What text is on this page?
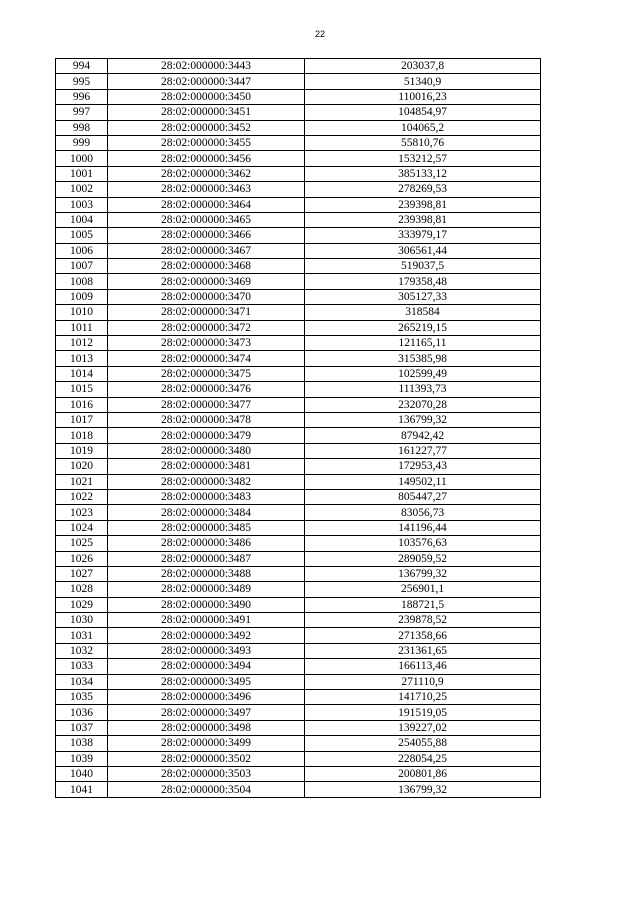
22
994	28:02:000000:3443	203037,8
995	28:02:000000:3447	51340,9
996	28:02:000000:3450	110016,23
997	28:02:000000:3451	104854,97
998	28:02:000000:3452	104065,2
999	28:02:000000:3455	55810,76
1000	28:02:000000:3456	153212,57
1001	28:02:000000:3462	385133,12
1002	28:02:000000:3463	278269,53
1003	28:02:000000:3464	239398,81
1004	28:02:000000:3465	239398,81
1005	28:02:000000:3466	333979,17
1006	28:02:000000:3467	306561,44
1007	28:02:000000:3468	519037,5
1008	28:02:000000:3469	179358,48
1009	28:02:000000:3470	305127,33
1010	28:02:000000:3471	318584
1011	28:02:000000:3472	265219,15
1012	28:02:000000:3473	121165,11
1013	28:02:000000:3474	315385,98
1014	28:02:000000:3475	102599,49
1015	28:02:000000:3476	111393,73
1016	28:02:000000:3477	232070,28
1017	28:02:000000:3478	136799,32
1018	28:02:000000:3479	87942,42
1019	28:02:000000:3480	161227,77
1020	28:02:000000:3481	172953,43
1021	28:02:000000:3482	149502,11
1022	28:02:000000:3483	805447,27
1023	28:02:000000:3484	83056,73
1024	28:02:000000:3485	141196,44
1025	28:02:000000:3486	103576,63
1026	28:02:000000:3487	289059,52
1027	28:02:000000:3488	136799,32
1028	28:02:000000:3489	256901,1
1029	28:02:000000:3490	188721,5
1030	28:02:000000:3491	239878,52
1031	28:02:000000:3492	271358,66
1032	28:02:000000:3493	231361,65
1033	28:02:000000:3494	166113,46
1034	28:02:000000:3495	271110,9
1035	28:02:000000:3496	141710,25
1036	28:02:000000:3497	191519,05
1037	28:02:000000:3498	139227,02
1038	28:02:000000:3499	254055,88
1039	28:02:000000:3502	228054,25
1040	28:02:000000:3503	200801,86
1041	28:02:000000:3504	136799,32
